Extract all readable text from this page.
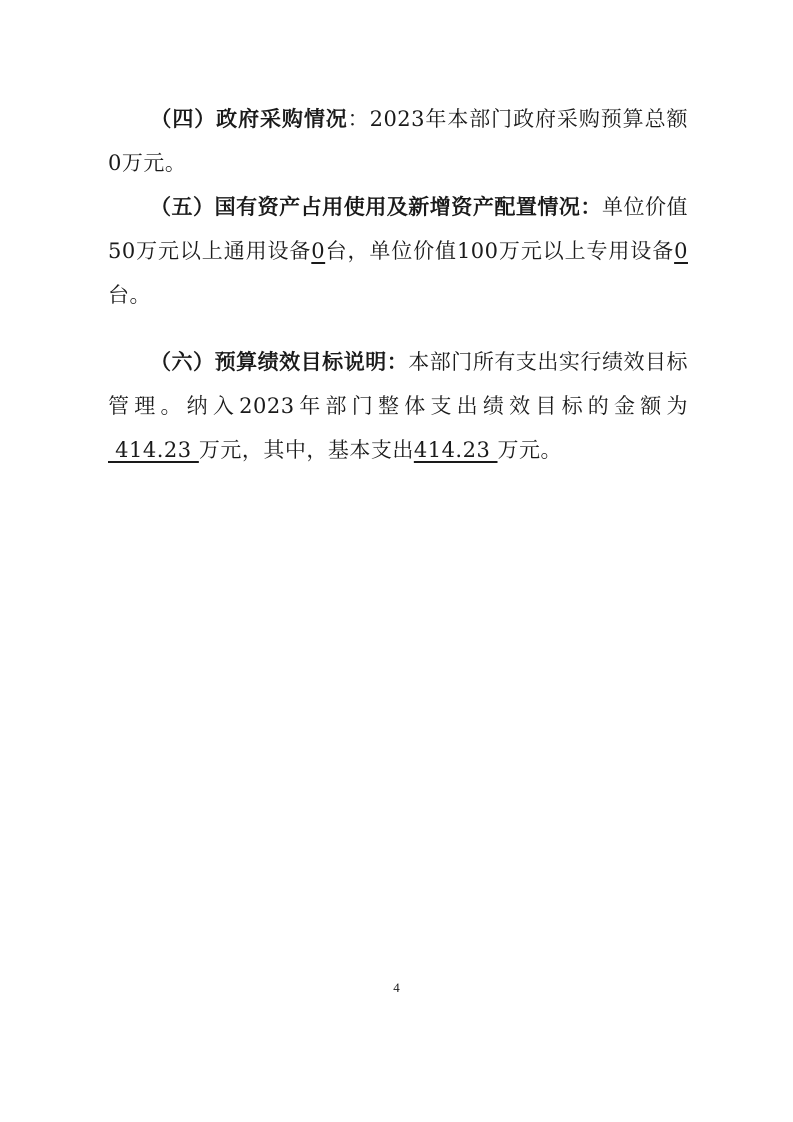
（四）政府采购情况：2023年本部门政府采购预算总额0万元。

（五）国有资产占用使用及新增资产配置情况：单位价值50万元以上通用设备0台，单位价值100万元以上专用设备0台。

（六）预算绩效目标说明：本部门所有支出实行绩效目标管理。纳入2023年部门整体支出绩效目标的金额为 414.23 万元，其中，基本支出414.23 万元。

4
